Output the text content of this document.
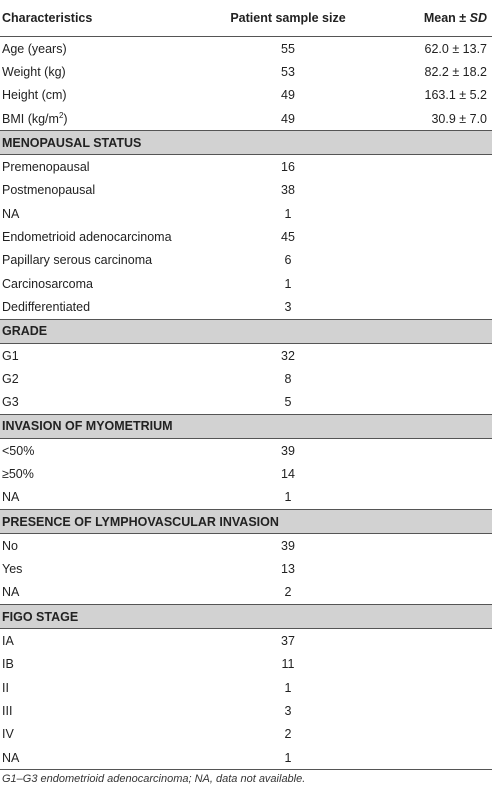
Characteristics	Patient sample size	Mean ± SD
Age (years)	55	62.0 ± 13.7
Weight (kg)	53	82.2 ± 18.2
Height (cm)	49	163.1 ± 5.2
BMI $(kg/m^2)$	49	30.9 ± 7.0
MENOPAUSAL STATUS		
Premenopausal	16	
Postmenopausal	38	
NA	1	
Endometrioid adenocarcinoma	45	
Papillary serous carcinoma	6	
Carcinosarcoma	1	
Dedifferentiated	3	
GRADE		
G1	32	
G2	8	
G3	5	
INVASION OF MYOMETRIUM		
<50%	39	
≥50%	14	
NA	1	
PRESENCE OF LYMPHOVASCULAR INVASION		
No	39	
Yes	13	
NA	2	
FIGO STAGE		
IA	37	
IB	11	
II	1	
III	3	
IV	2	
NA	1	
G1–G3 endometrioid adenocarcinoma; NA, data not available.
